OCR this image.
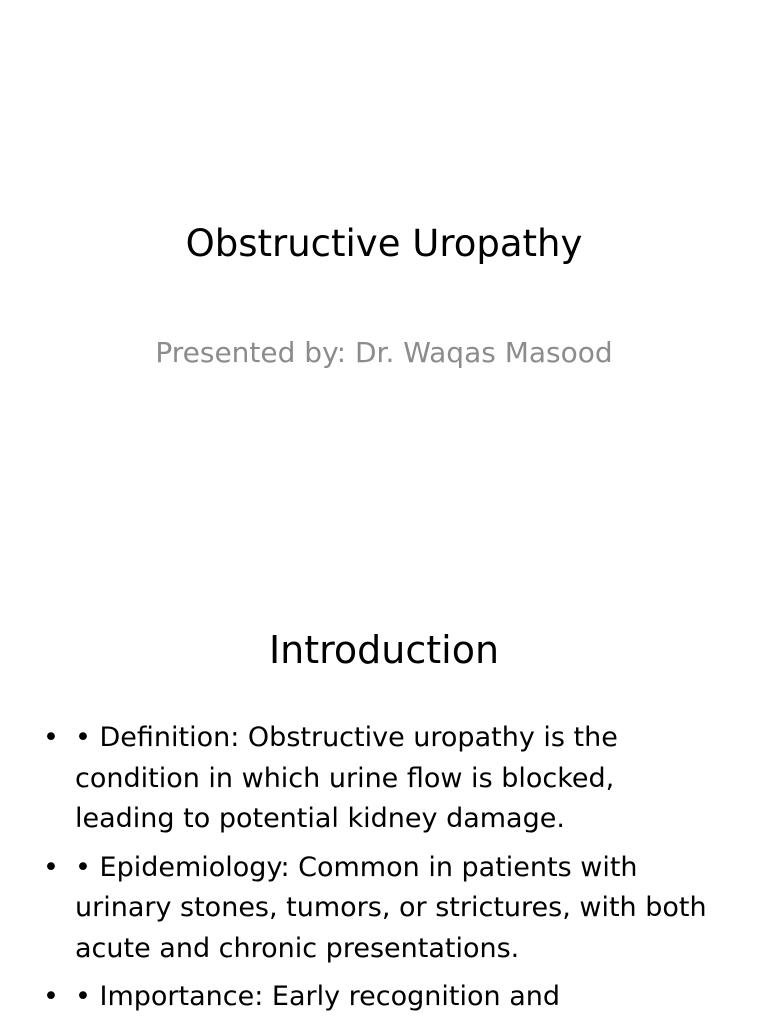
Obstructive Uropathy
Presented by: Dr. Waqas Masood
Introduction
• • Definition: Obstructive uropathy is the condition in which urine flow is blocked, leading to potential kidney damage.
• • Epidemiology: Common in patients with urinary stones, tumors, or strictures, with both acute and chronic presentations.
• • Importance: Early recognition and
